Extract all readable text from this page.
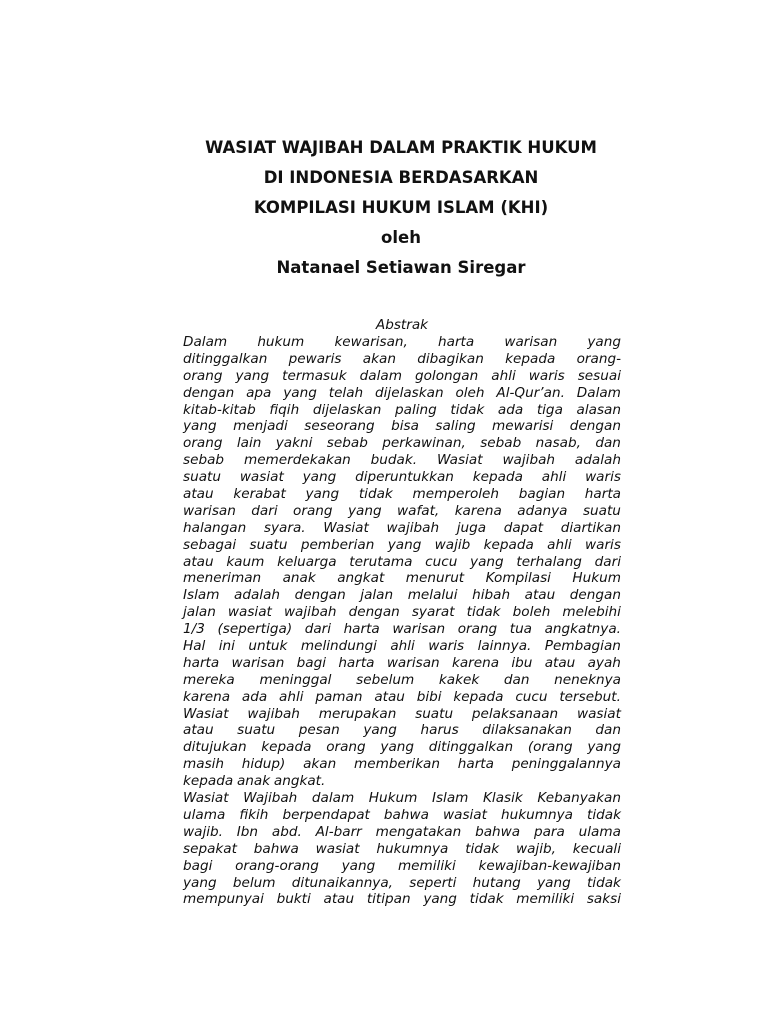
WASIAT WAJIBAH DALAM PRAKTIK HUKUM
DI INDONESIA BERDASARKAN
KOMPILASI HUKUM ISLAM (KHI)
oleh
Natanael Setiawan Siregar
Abstrak
Dalam hukum kewarisan, harta warisan yang
ditinggalkan pewaris akan dibagikan kepada orang-
orang yang termasuk dalam golongan ahli waris sesuai
dengan apa yang telah dijelaskan oleh Al-Qur’an. Dalam
kitab-kitab fiqih dijelaskan paling tidak ada tiga alasan
yang menjadi seseorang bisa saling mewarisi dengan
orang lain yakni sebab perkawinan, sebab nasab, dan
sebab memerdekakan budak. Wasiat wajibah adalah
suatu wasiat yang diperuntukkan kepada ahli waris
atau kerabat yang tidak memperoleh bagian harta
warisan dari orang yang wafat, karena adanya suatu
halangan syara. Wasiat wajibah juga dapat diartikan
sebagai suatu pemberian yang wajib kepada ahli waris
atau kaum keluarga terutama cucu yang terhalang dari
meneriman anak angkat menurut Kompilasi Hukum
Islam adalah dengan jalan melalui hibah atau dengan
jalan wasiat wajibah dengan syarat tidak boleh melebihi
1/3 (sepertiga) dari harta warisan orang tua angkatnya.
Hal ini untuk melindungi ahli waris lainnya. Pembagian
harta warisan bagi harta warisan karena ibu atau ayah
mereka meninggal sebelum kakek dan neneknya
karena ada ahli paman atau bibi kepada cucu tersebut.
Wasiat wajibah merupakan suatu pelaksanaan wasiat
atau suatu pesan yang harus dilaksanakan dan
ditujukan kepada orang yang ditinggalkan (orang yang
masih hidup) akan memberikan harta peninggalannya
kepada anak angkat.
Wasiat Wajibah dalam Hukum Islam Klasik Kebanyakan
ulama fikih berpendapat bahwa wasiat hukumnya tidak
wajib. Ibn abd. Al-barr mengatakan bahwa para ulama
sepakat bahwa wasiat hukumnya tidak wajib, kecuali
bagi orang-orang yang memiliki kewajiban-kewajiban
yang belum ditunaikannya, seperti hutang yang tidak
mempunyai bukti atau titipan yang tidak memiliki saksi
